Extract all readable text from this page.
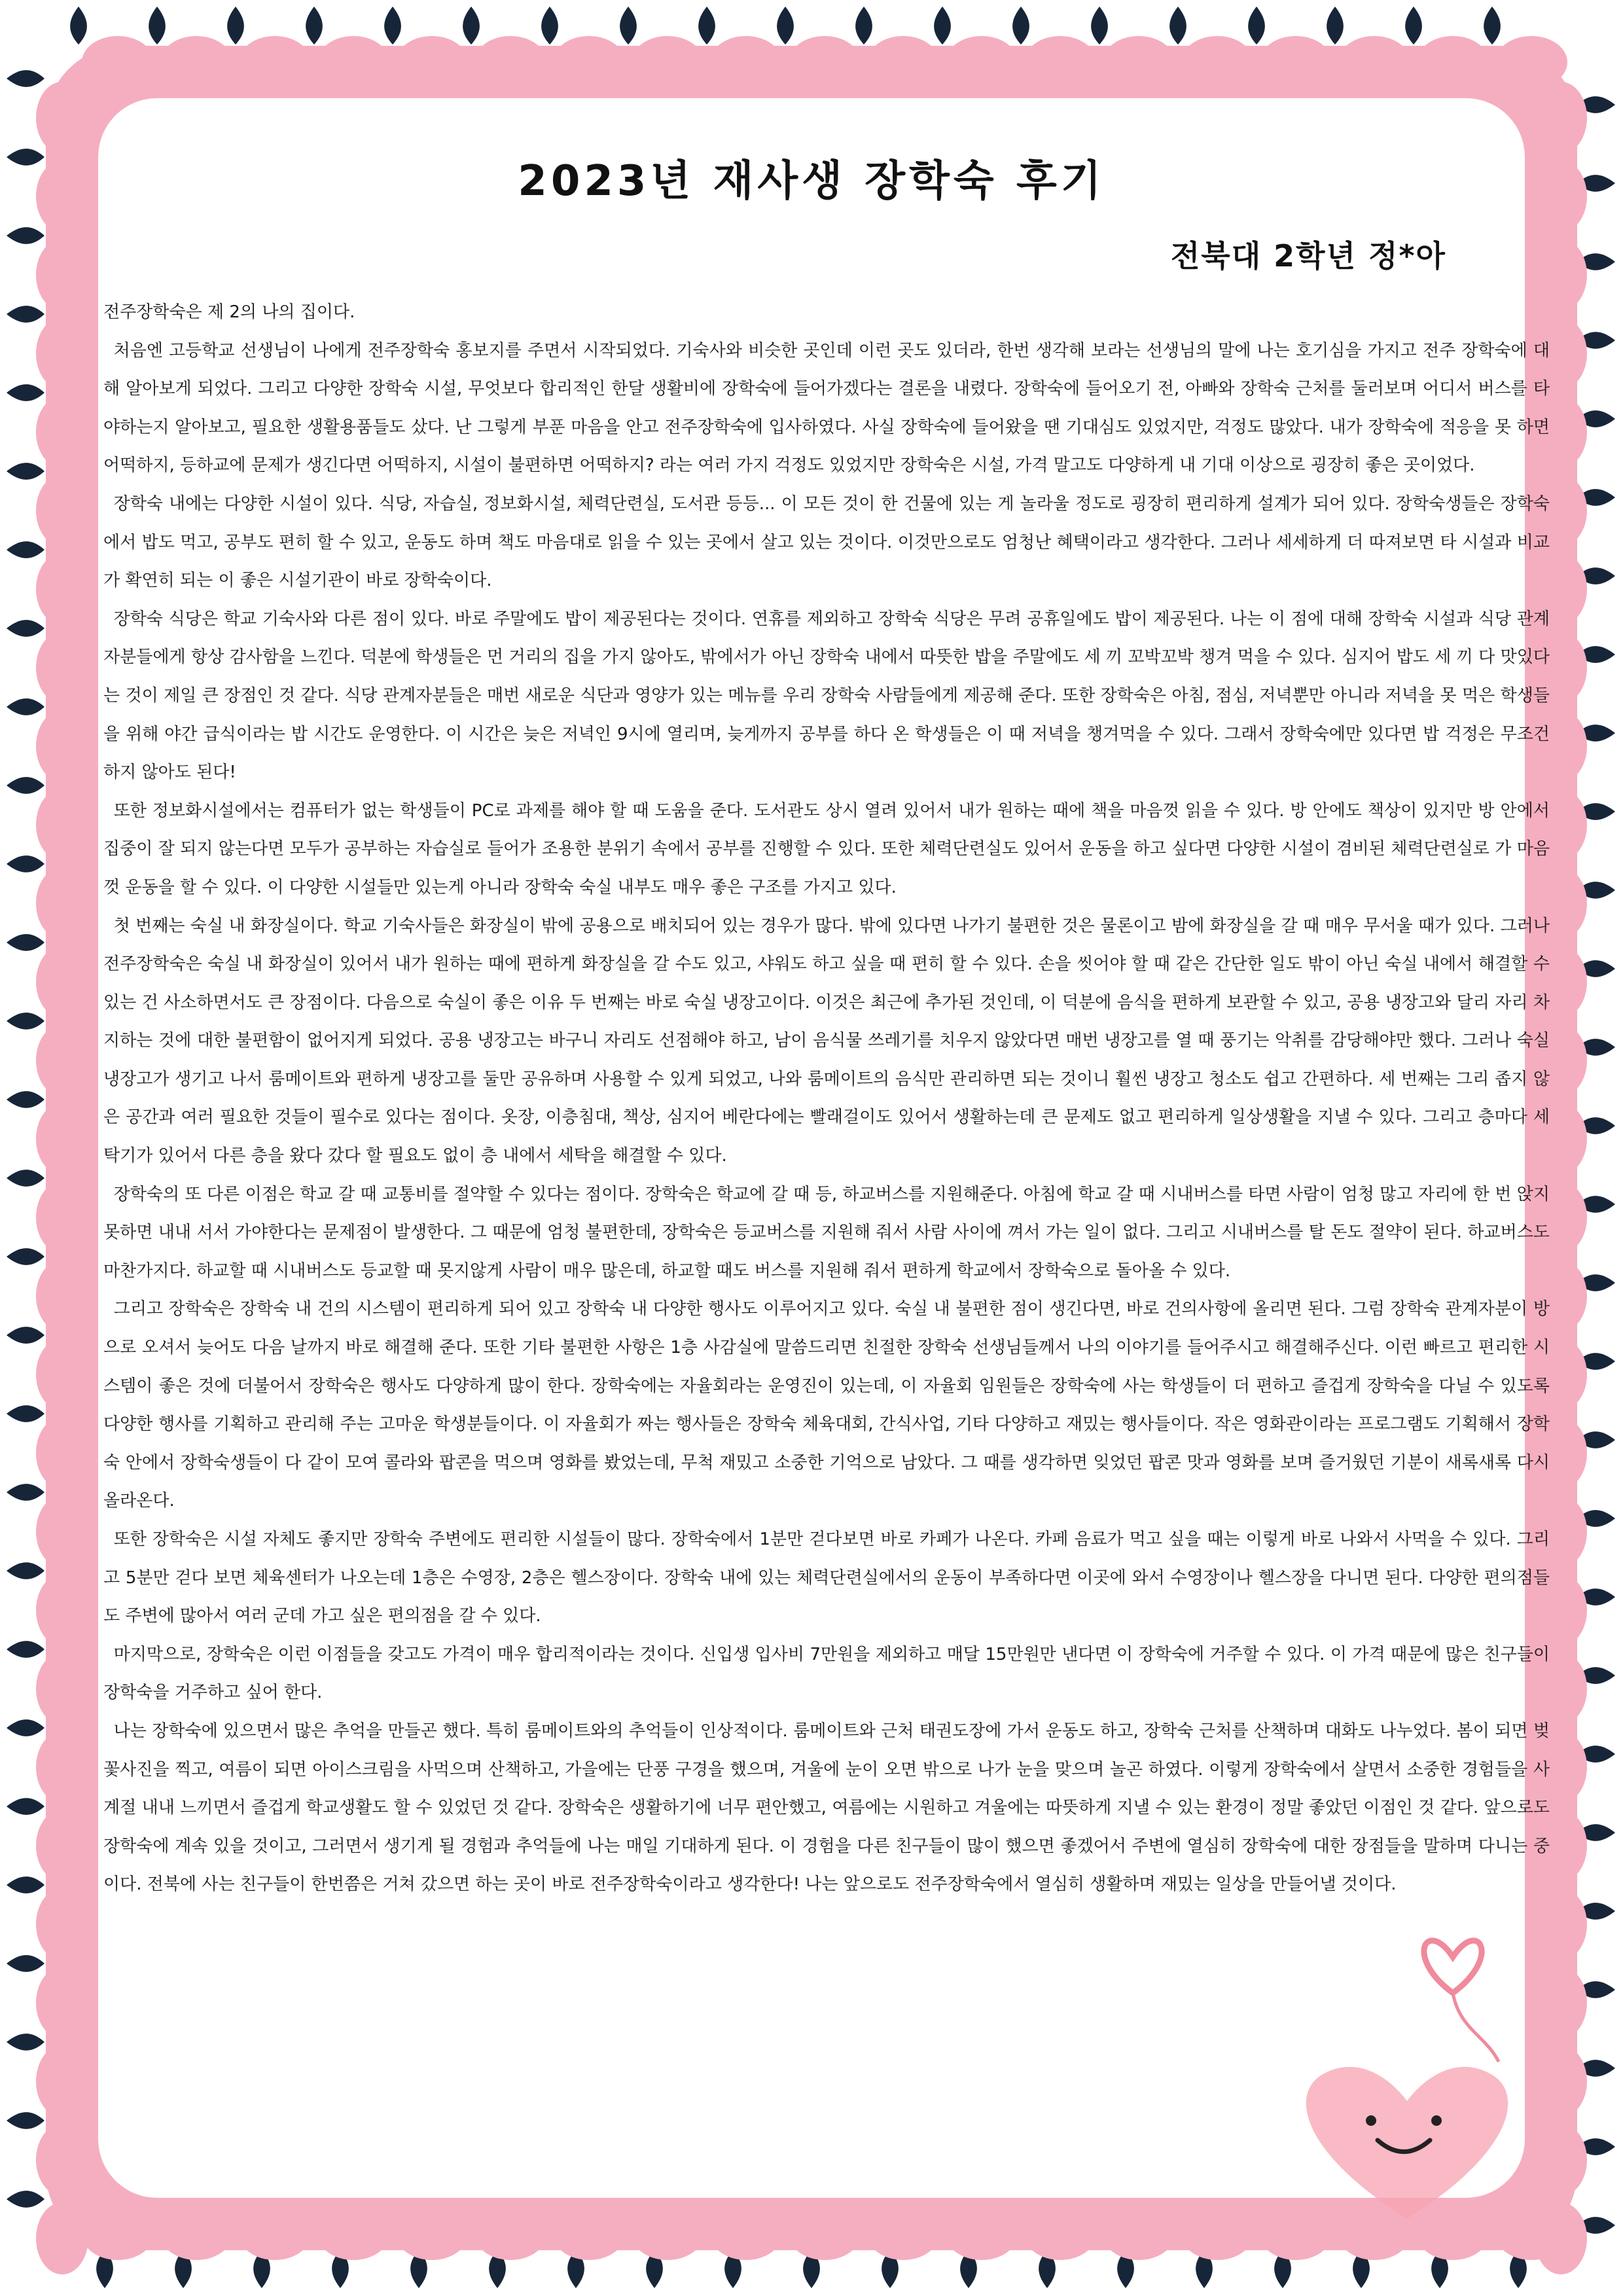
2023년 재사생 장학숙 후기
전북대 2학년 정*아

전주장학숙은 제 2의 나의 집이다.

처음엔 고등학교 선생님이 나에게 전주장학숙 홍보지를 주면서 시작되었다. 기숙사와 비슷한 곳인데 이런 곳도 있더라, 한번 생각해 보라는 선생님의 말에 나는 호기심을 가지고 전주 장학숙에 대해 알아보게 되었다. 그리고 다양한 장학숙 시설, 무엇보다 합리적인 한달 생활비에 장학숙에 들어가겠다는 결론을 내렸다. 장학숙에 들어오기 전, 아빠와 장학숙 근처를 둘러보며 어디서 버스를 타야하는지 알아보고, 필요한 생활용품들도 샀다. 난 그렇게 부푼 마음을 안고 전주장학숙에 입사하였다. 사실 장학숙에 들어왔을 땐 기대심도 있었지만, 걱정도 많았다. 내가 장학숙에 적응을 못 하면 어떡하지, 등하교에 문제가 생긴다면 어떡하지, 시설이 불편하면 어떡하지? 라는 여러 가지 걱정도 있었지만 장학숙은 시설, 가격 말고도 다양하게 내 기대 이상으로 굉장히 좋은 곳이었다.

장학숙 내에는 다양한 시설이 있다. 식당, 자습실, 정보화시설, 체력단련실, 도서관 등등... 이 모든 것이 한 건물에 있는 게 놀라울 정도로 굉장히 편리하게 설계가 되어 있다. 장학숙생들은 장학숙에서 밥도 먹고, 공부도 편히 할 수 있고, 운동도 하며 책도 마음대로 읽을 수 있는 곳에서 살고 있는 것이다. 이것만으로도 엄청난 혜택이라고 생각한다. 그러나 세세하게 더 따져보면 타 시설과 비교가 확연히 되는 이 좋은 시설기관이 바로 장학숙이다.

장학숙 식당은 학교 기숙사와 다른 점이 있다. 바로 주말에도 밥이 제공된다는 것이다. 연휴를 제외하고 장학숙 식당은 무려 공휴일에도 밥이 제공된다. 나는 이 점에 대해 장학숙 시설과 식당 관계자분들에게 항상 감사함을 느낀다. 덕분에 학생들은 먼 거리의 집을 가지 않아도, 밖에서가 아닌 장학숙 내에서 따뜻한 밥을 주말에도 세 끼 꼬박꼬박 챙겨 먹을 수 있다. 심지어 밥도 세 끼 다 맛있다는 것이 제일 큰 장점인 것 같다. 식당 관계자분들은 매번 새로운 식단과 영양가 있는 메뉴를 우리 장학숙 사람들에게 제공해 준다. 또한 장학숙은 아침, 점심, 저녁뿐만 아니라 저녁을 못 먹은 학생들을 위해 야간 급식이라는 밥 시간도 운영한다. 이 시간은 늦은 저녁인 9시에 열리며, 늦게까지 공부를 하다 온 학생들은 이 때 저녁을 챙겨먹을 수 있다. 그래서 장학숙에만 있다면 밥 걱정은 무조건 하지 않아도 된다!

또한 정보화시설에서는 컴퓨터가 없는 학생들이 PC로 과제를 해야 할 때 도움을 준다. 도서관도 상시 열려 있어서 내가 원하는 때에 책을 마음껏 읽을 수 있다. 방 안에도 책상이 있지만 방 안에서 집중이 잘 되지 않는다면 모두가 공부하는 자습실로 들어가 조용한 분위기 속에서 공부를 진행할 수 있다. 또한 체력단련실도 있어서 운동을 하고 싶다면 다양한 시설이 겸비된 체력단련실로 가 마음껏 운동을 할 수 있다. 이 다양한 시설들만 있는게 아니라 장학숙 숙실 내부도 매우 좋은 구조를 가지고 있다.

첫 번째는 숙실 내 화장실이다. 학교 기숙사들은 화장실이 밖에 공용으로 배치되어 있는 경우가 많다. 밖에 있다면 나가기 불편한 것은 물론이고 밤에 화장실을 갈 때 매우 무서울 때가 있다. 그러나 전주장학숙은 숙실 내 화장실이 있어서 내가 원하는 때에 편하게 화장실을 갈 수도 있고, 샤워도 하고 싶을 때 편히 할 수 있다. 손을 씻어야 할 때 같은 간단한 일도 밖이 아닌 숙실 내에서 해결할 수 있는 건 사소하면서도 큰 장점이다. 다음으로 숙실이 좋은 이유 두 번째는 바로 숙실 냉장고이다. 이것은 최근에 추가된 것인데, 이 덕분에 음식을 편하게 보관할 수 있고, 공용 냉장고와 달리 자리 차지하는 것에 대한 불편함이 없어지게 되었다. 공용 냉장고는 바구니 자리도 선점해야 하고, 남이 음식물 쓰레기를 치우지 않았다면 매번 냉장고를 열 때 풍기는 악취를 감당해야만 했다. 그러나 숙실 냉장고가 생기고 나서 룸메이트와 편하게 냉장고를 둘만 공유하며 사용할 수 있게 되었고, 나와 룸메이트의 음식만 관리하면 되는 것이니 훨씬 냉장고 청소도 쉽고 간편하다. 세 번째는 그리 좁지 않은 공간과 여러 필요한 것들이 필수로 있다는 점이다. 옷장, 이층침대, 책상, 심지어 베란다에는 빨래걸이도 있어서 생활하는데 큰 문제도 없고 편리하게 일상생활을 지낼 수 있다. 그리고 층마다 세탁기가 있어서 다른 층을 왔다 갔다 할 필요도 없이 층 내에서 세탁을 해결할 수 있다.

장학숙의 또 다른 이점은 학교 갈 때 교통비를 절약할 수 있다는 점이다. 장학숙은 학교에 갈 때 등, 하교버스를 지원해준다. 아침에 학교 갈 때 시내버스를 타면 사람이 엄청 많고 자리에 한 번 앉지 못하면 내내 서서 가야한다는 문제점이 발생한다. 그 때문에 엄청 불편한데, 장학숙은 등교버스를 지원해 줘서 사람 사이에 껴서 가는 일이 없다. 그리고 시내버스를 탈 돈도 절약이 된다. 하교버스도 마찬가지다. 하교할 때 시내버스도 등교할 때 못지않게 사람이 매우 많은데, 하교할 때도 버스를 지원해 줘서 편하게 학교에서 장학숙으로 돌아올 수 있다.

그리고 장학숙은 장학숙 내 건의 시스템이 편리하게 되어 있고 장학숙 내 다양한 행사도 이루어지고 있다. 숙실 내 불편한 점이 생긴다면, 바로 건의사항에 올리면 된다. 그럼 장학숙 관계자분이 방으로 오셔서 늦어도 다음 날까지 바로 해결해 준다. 또한 기타 불편한 사항은 1층 사감실에 말씀드리면 친절한 장학숙 선생님들께서 나의 이야기를 들어주시고 해결해주신다. 이런 빠르고 편리한 시스템이 좋은 것에 더불어서 장학숙은 행사도 다양하게 많이 한다. 장학숙에는 자율회라는 운영진이 있는데, 이 자율회 임원들은 장학숙에 사는 학생들이 더 편하고 즐겁게 장학숙을 다닐 수 있도록 다양한 행사를 기획하고 관리해 주는 고마운 학생분들이다. 이 자율회가 짜는 행사들은 장학숙 체육대회, 간식사업, 기타 다양하고 재밌는 행사들이다. 작은 영화관이라는 프로그램도 기획해서 장학숙 안에서 장학숙생들이 다 같이 모여 콜라와 팝콘을 먹으며 영화를 봤었는데, 무척 재밌고 소중한 기억으로 남았다. 그 때를 생각하면 잊었던 팝콘 맛과 영화를 보며 즐거웠던 기분이 새록새록 다시 올라온다.

또한 장학숙은 시설 자체도 좋지만 장학숙 주변에도 편리한 시설들이 많다. 장학숙에서 1분만 걷다보면 바로 카페가 나온다. 카페 음료가 먹고 싶을 때는 이렇게 바로 나와서 사먹을 수 있다. 그리고 5분만 걷다 보면 체육센터가 나오는데 1층은 수영장, 2층은 헬스장이다. 장학숙 내에 있는 체력단련실에서의 운동이 부족하다면 이곳에 와서 수영장이나 헬스장을 다니면 된다. 다양한 편의점들도 주변에 많아서 여러 군데 가고 싶은 편의점을 갈 수 있다.

마지막으로, 장학숙은 이런 이점들을 갖고도 가격이 매우 합리적이라는 것이다. 신입생 입사비 7만원을 제외하고 매달 15만원만 낸다면 이 장학숙에 거주할 수 있다. 이 가격 때문에 많은 친구들이 장학숙을 거주하고 싶어 한다.

나는 장학숙에 있으면서 많은 추억을 만들곤 했다. 특히 룸메이트와의 추억들이 인상적이다. 룸메이트와 근처 태권도장에 가서 운동도 하고, 장학숙 근처를 산책하며 대화도 나누었다. 봄이 되면 벚꽃사진을 찍고, 여름이 되면 아이스크림을 사먹으며 산책하고, 가을에는 단풍 구경을 했으며, 겨울에 눈이 오면 밖으로 나가 눈을 맞으며 놀곤 하였다. 이렇게 장학숙에서 살면서 소중한 경험들을 사계절 내내 느끼면서 즐겁게 학교생활도 할 수 있었던 것 같다. 장학숙은 생활하기에 너무 편안했고, 여름에는 시원하고 겨울에는 따뜻하게 지낼 수 있는 환경이 정말 좋았던 이점인 것 같다. 앞으로도 장학숙에 계속 있을 것이고, 그러면서 생기게 될 경험과 추억들에 나는 매일 기대하게 된다. 이 경험을 다른 친구들이 많이 했으면 좋겠어서 주변에 열심히 장학숙에 대한 장점들을 말하며 다니는 중이다. 전북에 사는 친구들이 한번쯤은 거쳐 갔으면 하는 곳이 바로 전주장학숙이라고 생각한다! 나는 앞으로도 전주장학숙에서 열심히 생활하며 재밌는 일상을 만들어낼 것이다.
